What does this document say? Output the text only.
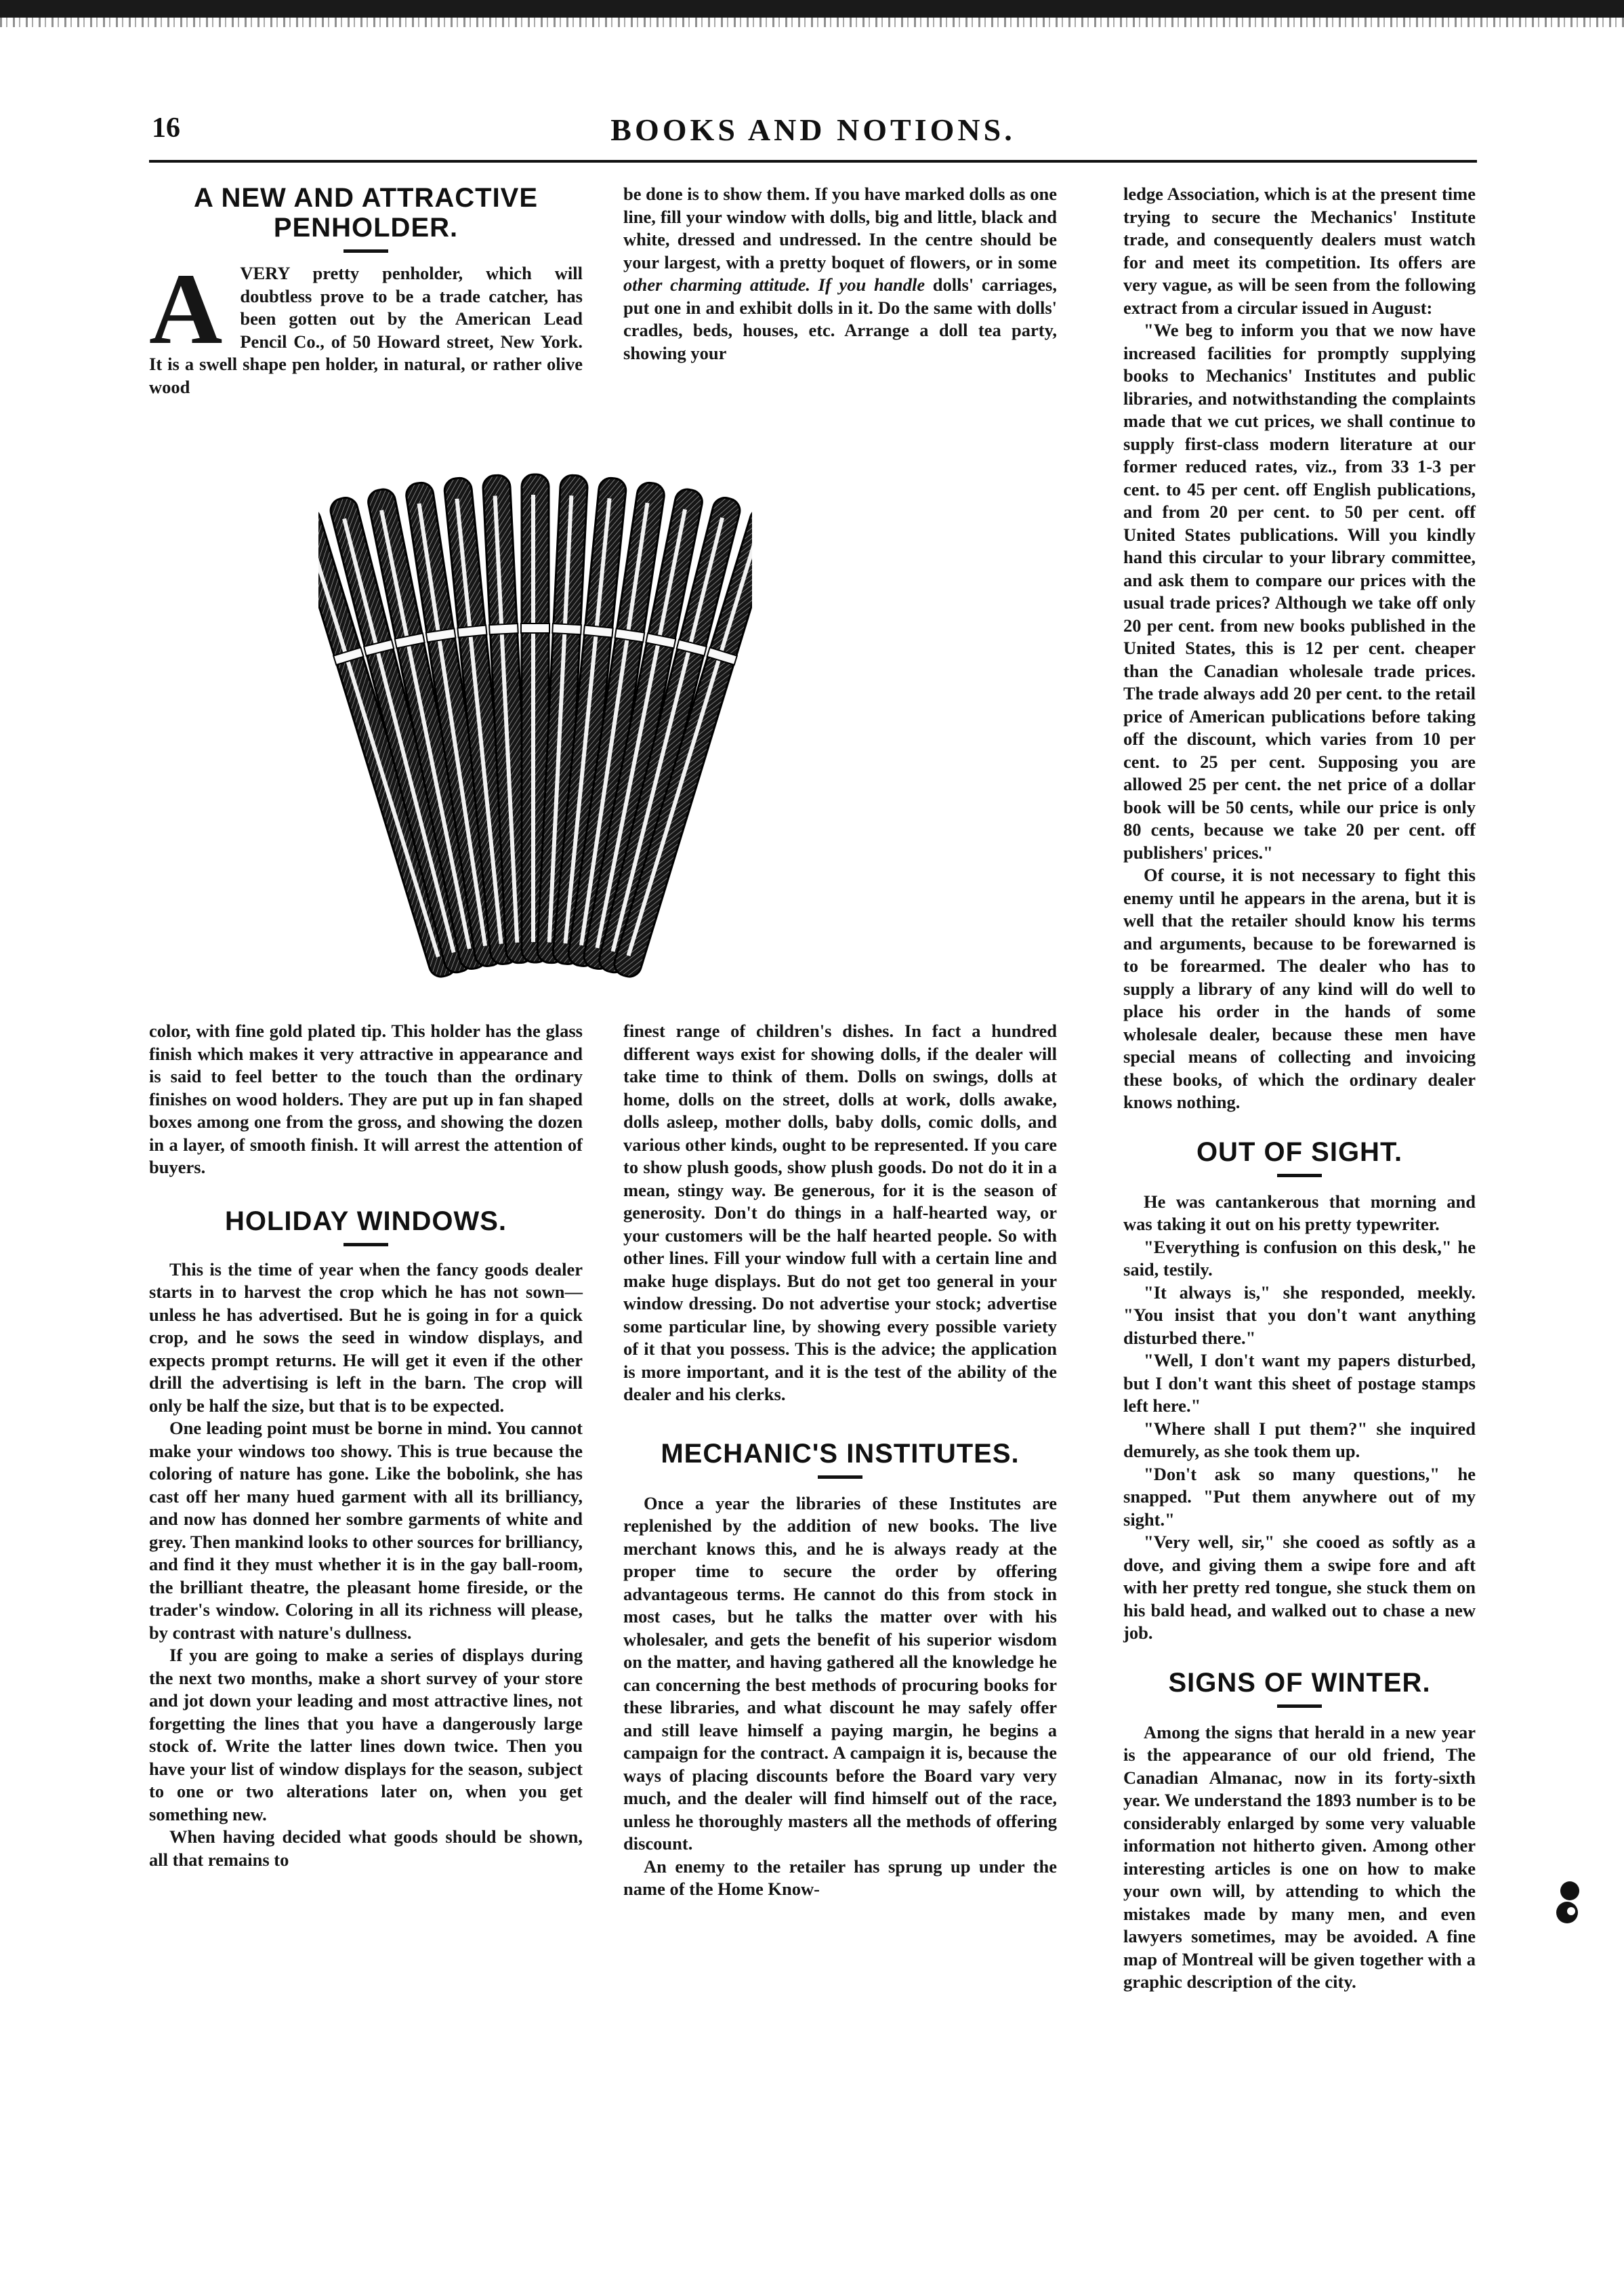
16	BOOKS AND NOTIONS.
A NEW AND ATTRACTIVE PENHOLDER.

AVERY pretty penholder, which will doubtless prove to be a trade catcher, has been gotten out by the American Lead Pencil Co., of 50 Howard street, New York. It is a swell shape pen holder, in natural, or rather olive wood

color, with fine gold plated tip. This holder has the glass finish which makes it very attractive in appearance and is said to feel better to the touch than the ordinary finishes on wood holders. They are put up in fan shaped boxes among one from the gross, and showing the dozen in a layer, of smooth finish. It will arrest the attention of buyers.

HOLIDAY WINDOWS.

This is the time of year when the fancy goods dealer starts in to harvest the crop which he has not sown—unless he has advertised. But he is going in for a quick crop, and he sows the seed in window displays, and expects prompt returns. He will get it even if the other drill the advertising is left in the barn. The crop will only be half the size, but that is to be expected.

One leading point must be borne in mind. You cannot make your windows too showy. This is true because the coloring of nature has gone. Like the bobolink, she has cast off her many hued garment with all its brilliancy, and now has donned her sombre garments of white and grey. Then mankind looks to other sources for brilliancy, and find it they must whether it is in the gay ball-room, the brilliant theatre, the pleasant home fireside, or the trader's window. Coloring in all its richness will please, by contrast with nature's dullness.

If you are going to make a series of displays during the next two months, make a short survey of your store and jot down your leading and most attractive lines, not forgetting the lines that you have a dangerously large stock of. Write the latter lines down twice. Then you have your list of window displays for the season, subject to one or two alterations later on, when you get something new.

When having decided what goods should be shown, all that remains to

be done is to show them. If you have marked dolls as one line, fill your window with dolls, big and little, black and white, dressed and undressed. In the centre should be your largest, with a pretty boquet of flowers, or in some other charming attitude. If you handle dolls' carriages, put one in and exhibit dolls in it. Do the same with dolls' cradles, beds, houses, etc. Arrange a doll tea party, showing your

finest range of children's dishes. In fact a hundred different ways exist for showing dolls, if the dealer will take time to think of them. Dolls on swings, dolls at home, dolls on the street, dolls at work, dolls awake, dolls asleep, mother dolls, baby dolls, comic dolls, and various other kinds, ought to be represented. If you care to show plush goods, show plush goods. Do not do it in a mean, stingy way. Be generous, for it is the season of generosity. Don't do things in a half-hearted way, or your customers will be the half hearted people. So with other lines. Fill your window full with a certain line and make huge displays. But do not get too general in your window dressing. Do not advertise your stock; advertise some particular line, by showing every possible variety of it that you possess. This is the advice; the application is more important, and it is the test of the ability of the dealer and his clerks.

MECHANIC'S INSTITUTES.

Once a year the libraries of these Institutes are replenished by the addition of new books. The live merchant knows this, and he is always ready at the proper time to secure the order by offering advantageous terms. He cannot do this from stock in most cases, but he talks the matter over with his wholesaler, and gets the benefit of his superior wisdom on the matter, and having gathered all the knowledge he can concerning the best methods of procuring books for these libraries, and what discount he may safely offer and still leave himself a paying margin, he begins a campaign for the contract. A campaign it is, because the ways of placing discounts before the Board vary very much, and the dealer will find himself out of the race, unless he thoroughly masters all the methods of offering discount.

An enemy to the retailer has sprung up under the name of the Home Know-

ledge Association, which is at the present time trying to secure the Mechanics' Institute trade, and consequently dealers must watch for and meet its competition. Its offers are very vague, as will be seen from the following extract from a circular issued in August:

"We beg to inform you that we now have increased facilities for promptly supplying books to Mechanics' Institutes and public libraries, and notwithstanding the complaints made that we cut prices, we shall continue to supply first-class modern literature at our former reduced rates, viz., from 33 1-3 per cent. to 45 per cent. off English publications, and from 20 per cent. to 50 per cent. off United States publications. Will you kindly hand this circular to your library committee, and ask them to compare our prices with the usual trade prices? Although we take off only 20 per cent. from new books published in the United States, this is 12 per cent. cheaper than the Canadian wholesale trade prices. The trade always add 20 per cent. to the retail price of American publications before taking off the discount, which varies from 10 per cent. to 25 per cent. Supposing you are allowed 25 per cent. the net price of a dollar book will be 50 cents, while our price is only 80 cents, because we take 20 per cent. off publishers' prices."

Of course, it is not necessary to fight this enemy until he appears in the arena, but it is well that the retailer should know his terms and arguments, because to be forewarned is to be forearmed. The dealer who has to supply a library of any kind will do well to place his order in the hands of some wholesale dealer, because these men have special means of collecting and invoicing these books, of which the ordinary dealer knows nothing.

OUT OF SIGHT.

He was cantankerous that morning and was taking it out on his pretty typewriter.

"Everything is confusion on this desk," he said, testily.

"It always is," she responded, meekly. "You insist that you don't want anything disturbed there."

"Well, I don't want my papers disturbed, but I don't want this sheet of postage stamps left here."

"Where shall I put them?" she inquired demurely, as she took them up.

"Don't ask so many questions," he snapped. "Put them anywhere out of my sight."

"Very well, sir," she cooed as softly as a dove, and giving them a swipe fore and aft with her pretty red tongue, she stuck them on his bald head, and walked out to chase a new job.

SIGNS OF WINTER.

Among the signs that herald in a new year is the appearance of our old friend, The Canadian Almanac, now in its forty-sixth year. We understand the 1893 number is to be considerably enlarged by some very valuable information not hitherto given. Among other interesting articles is one on how to make your own will, by attending to which the mistakes made by many men, and even lawyers sometimes, may be avoided. A fine map of Montreal will be given together with a graphic description of the city.
